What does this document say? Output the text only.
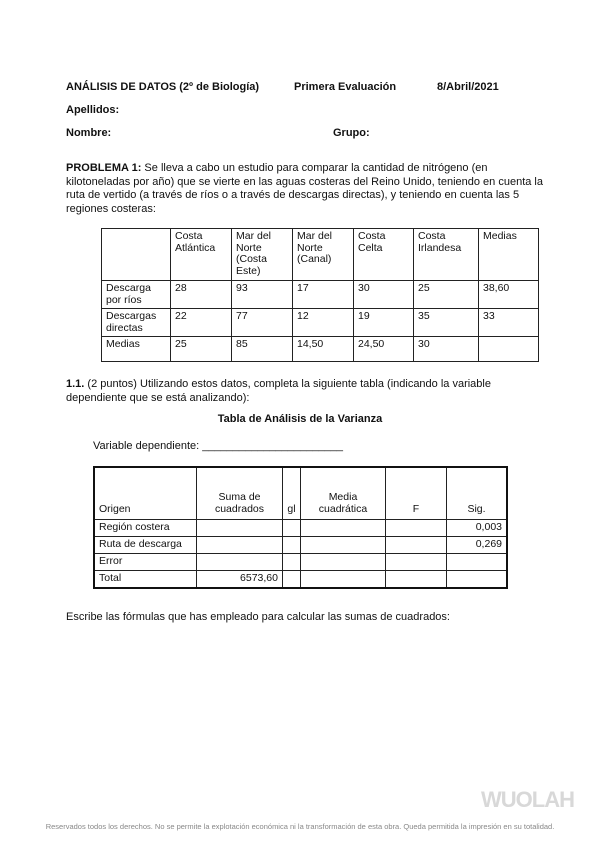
ANÁLISIS DE DATOS (2º de Biología)	Primera Evaluación	8/Abril/2021
Apellidos:
Nombre:	Grupo:

PROBLEMA 1: Se lleva a cabo un estudio para comparar la cantidad de nitrógeno (en kilotoneladas por año) que se vierte en las aguas costeras del Reino Unido, teniendo en cuenta la ruta de vertido (a través de ríos o a través de descargas directas), y teniendo en cuenta las 5 regiones costeras:

	Costa Atlántica	Mar del Norte (Costa Este)	Mar del Norte (Canal)	Costa Celta	Costa Irlandesa	Medias
Descarga por ríos	28	93	17	30	25	38,60
Descargas directas	22	77	12	19	35	33
Medias	25	85	14,50	24,50	30	

1.1. (2 puntos) Utilizando estos datos, completa la siguiente tabla (indicando la variable dependiente que se está analizando):

Tabla de Análisis de la Varianza
Variable dependiente: _______________________
Origen	Suma de cuadrados	gl	Media cuadrática	F	Sig.
Región costera					0,003
Ruta de descarga					0,269
Error					
Total	6573,60				
Escribe las fórmulas que has empleado para calcular las sumas de cuadrados:
WUOLAH
Reservados todos los derechos. No se permite la explotación económica ni la transformación de esta obra. Queda permitida la impresión en su totalidad.
